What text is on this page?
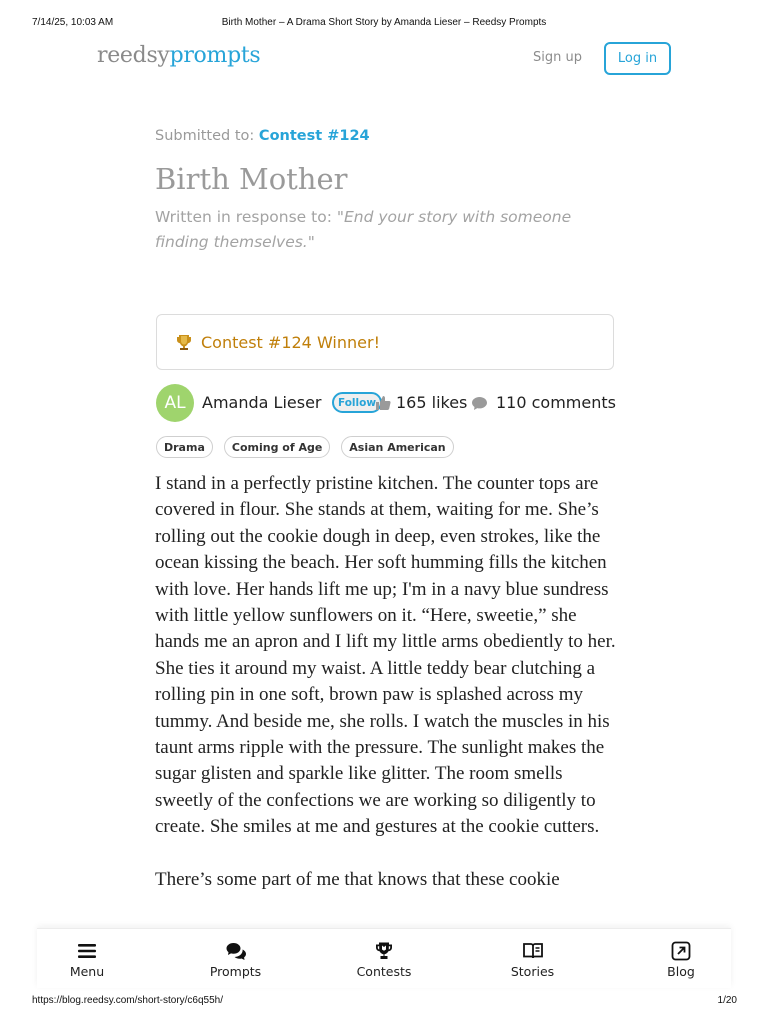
7/14/25, 10:03 AM	Birth Mother – A Drama Short Story by Amanda Lieser – Reedsy Prompts
reedsyprompts	Sign up	Log in
Submitted to: Contest #124
Birth Mother
Written in response to: "End your story with someone finding themselves."
Contest #124 Winner!
AL	Amanda Lieser	Follow	165 likes 110 comments
Drama	Coming of Age	Asian American

I stand in a perfectly pristine kitchen. The counter tops are covered in flour. She stands at them, waiting for me. She’s rolling out the cookie dough in deep, even strokes, like the ocean kissing the beach. Her soft humming fills the kitchen with love. Her hands lift me up; I'm in a navy blue sundress with little yellow sunflowers on it. “Here, sweetie,” she hands me an apron and I lift my little arms obediently to her. She ties it around my waist. A little teddy bear clutching a rolling pin in one soft, brown paw is splashed across my tummy. And beside me, she rolls. I watch the muscles in his taunt arms ripple with the pressure. The sunlight makes the sugar glisten and sparkle like glitter. The room smells sweetly of the confections we are working so diligently to create. She smiles at me and gestures at the cookie cutters.

There’s some part of me that knows that these cookie

Menu	Prompts	Contests	Stories	Blog
https://blog.reedsy.com/short-story/c6q55h/	1/20
